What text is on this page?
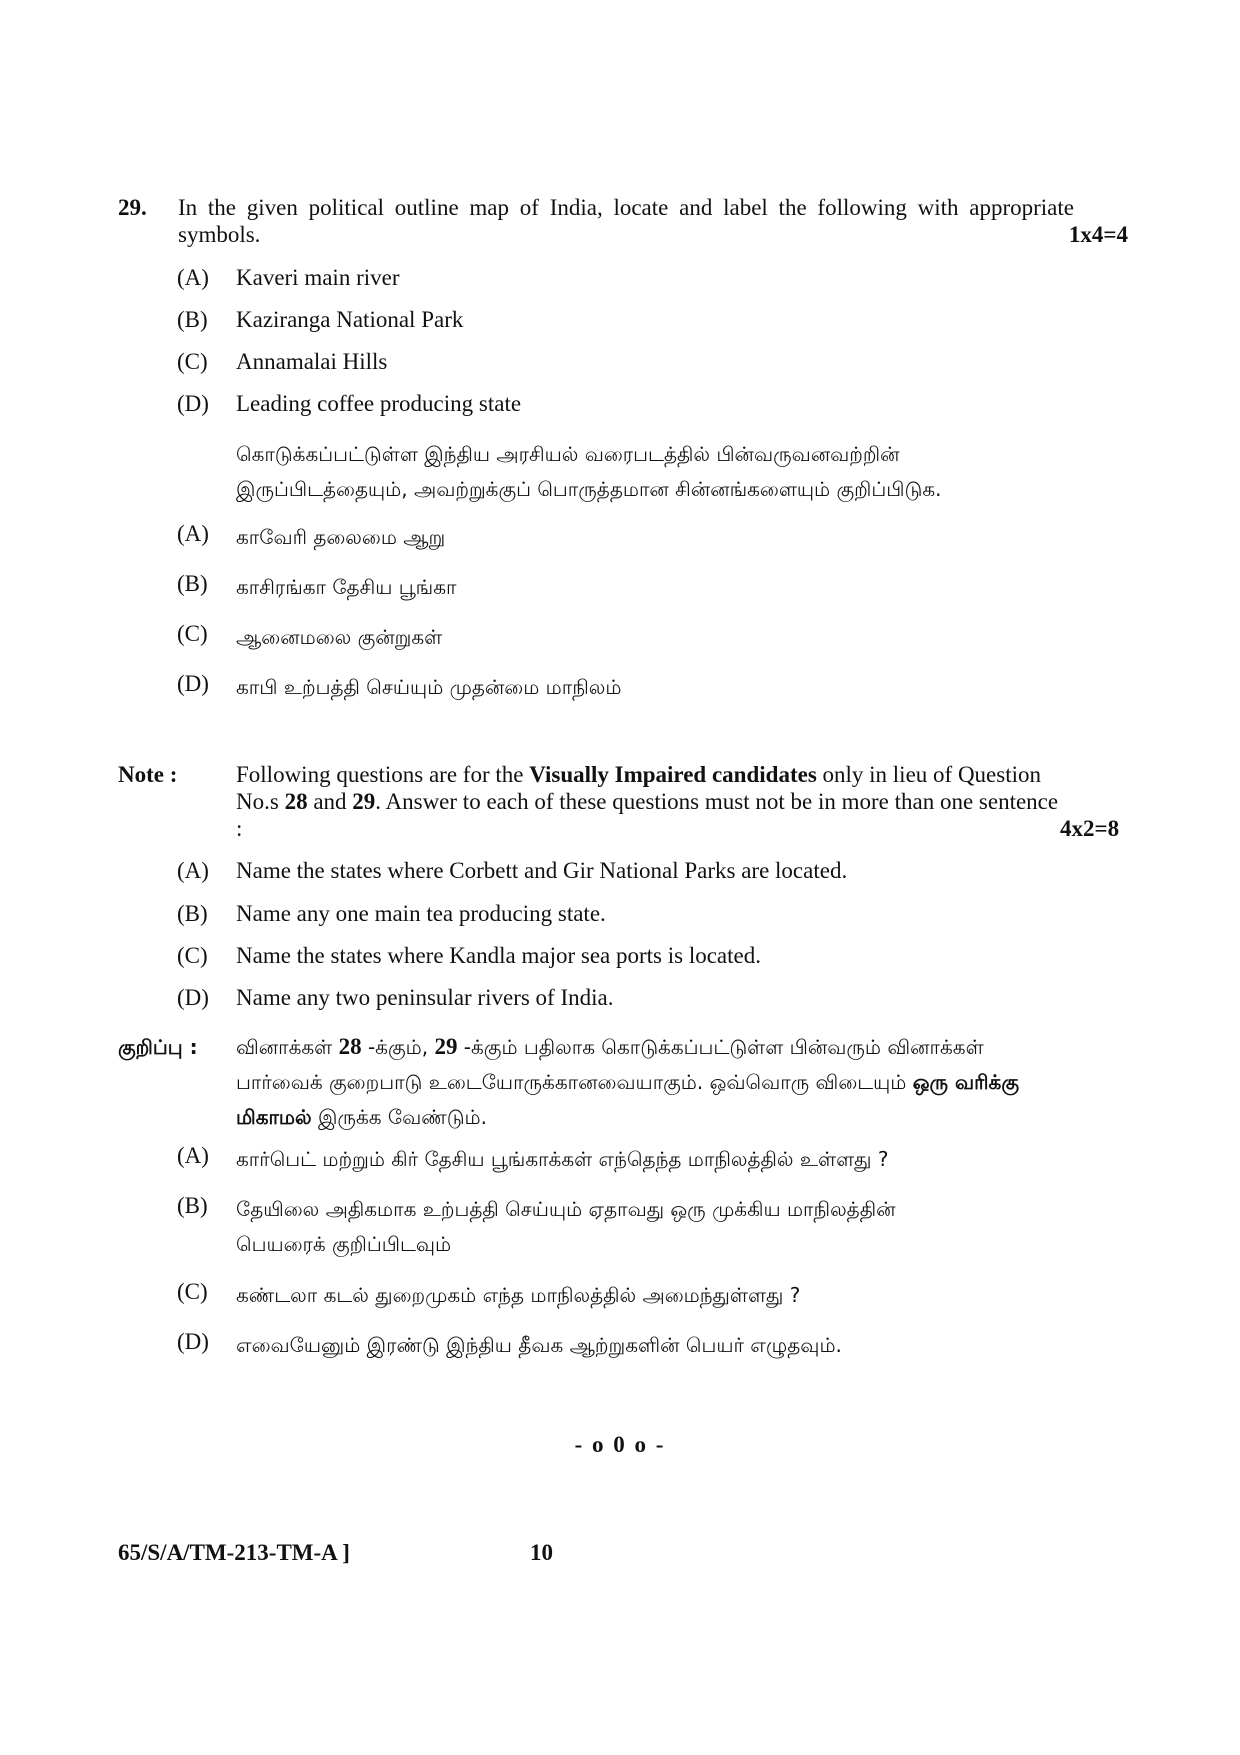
29. In the given political outline map of India, locate and label the following with appropriate symbols.	1x4=4
(A) Kaveri main river
(B) Kaziranga National Park
(C) Annamalai Hills
(D) Leading coffee producing state
கொடுக்கப்பட்டுள்ள இந்திய அரசியல் வரைபடத்தில் பின்வருவனவற்றின் இருப்பிடத்தையும், அவற்றுக்குப் பொருத்தமான சின்னங்களையும் குறிப்பிடுக.
(A) காவேரி தலைமை ஆறு
(B) காசிரங்கா தேசிய பூங்கா
(C) ஆனைமலை குன்றுகள்
(D) காபி உற்பத்தி செய்யும் முதன்மை மாநிலம்
Note :	Following questions are for the Visually Impaired candidates only in lieu of Question No.s 28 and 29. Answer to each of these questions must not be in more than one sentence :	4x2=8
(A) Name the states where Corbett and Gir National Parks are located.
(B) Name any one main tea producing state.
(C) Name the states where Kandla major sea ports is located.
(D) Name any two peninsular rivers of India.
குறிப்பு : வினாக்கள் 28 -க்கும், 29 -க்கும் பதிலாக கொடுக்கப்பட்டுள்ள பின்வரும் வினாக்கள் பார்வைக் குறைபாடு உடையோருக்கானவையாகும். ஒவ்வொரு விடையும் ஒரு வரிக்கு மிகாமல் இருக்க வேண்டும்.
(A) கார்பெட் மற்றும் கிர் தேசிய பூங்காக்கள் எந்தெந்த மாநிலத்தில் உள்ளது ?
(B) தேயிலை அதிகமாக உற்பத்தி செய்யும் ஏதாவது ஒரு முக்கிய மாநிலத்தின்
பெயரைக் குறிப்பிடவும்
(C) கண்டலா கடல் துறைமுகம் எந்த மாநிலத்தில் அமைந்துள்ளது ?
(D) எவையேனும் இரண்டு இந்திய தீவக ஆற்றுகளின் பெயர் எழுதவும்.
- o 0 o -
65/S/A/TM-213-TM-A ]	10
